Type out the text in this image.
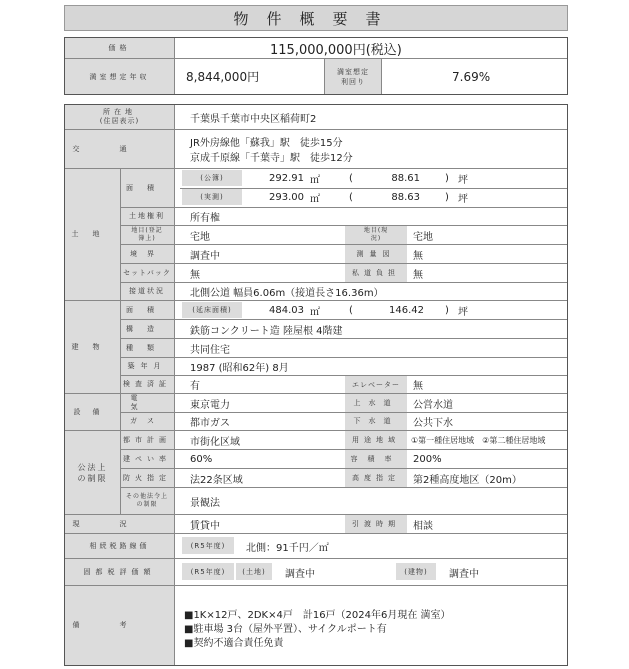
物件概要書
価格	115,000,000円(税込)
満室想定年収	8,844,000円	満室想定利回り	7.69%
所在地
(住居表示)	千葉県千葉市中央区稲荷町2
交通	JR外房線他「蘇我」駅　徒歩15分
京成千原線「千葉寺」駅　徒歩12分
土地
面積
(公簿)	292.91 ㎡	(	88.61	) 坪
(実測)	293.00 ㎡	(	88.63	) 坪
土地権利	所有権
地目(登記簿上)	宅地
地目(現況)	宅地
境界	調査中	測量図	無
セットバック	無	私道負担	無
接道状況	北側公道 幅員6.06m（接道長さ16.36m）
建物
面積	(延床面積)	484.03 ㎡	(	146.42 ) 坪
構造	鉄筋コンクリート造 陸屋根 4階建
種類	共同住宅
築年月	1987 (昭和62年) 8月
検査済証	有	エレベーター	無
設備
電気	東京電力	上水道	公営水道
ガス	都市ガス	下水道	公共下水
公法上の制限
都市計画	市街化区域	用途地域	①第一種住居地域　②第二種住居地域
建ぺい率	60%	容積率	200%
防火指定	法22条区域	高度指定	第2種高度地区（20m）
その他法令上の制限	景観法
現況	賃貸中	引渡時期	相談
相続税路線価	(R5年度)	北側：91千円／㎡
固都税評価額	(R5年度)	(土地)	調査中	(建物)	調査中
備考
■1K×12戸、2DK×4戸　計16戸（2024年6月現在 満室）
■駐車場 3台（屋外平置）、サイクルポート有
■契約不適合責任免責
